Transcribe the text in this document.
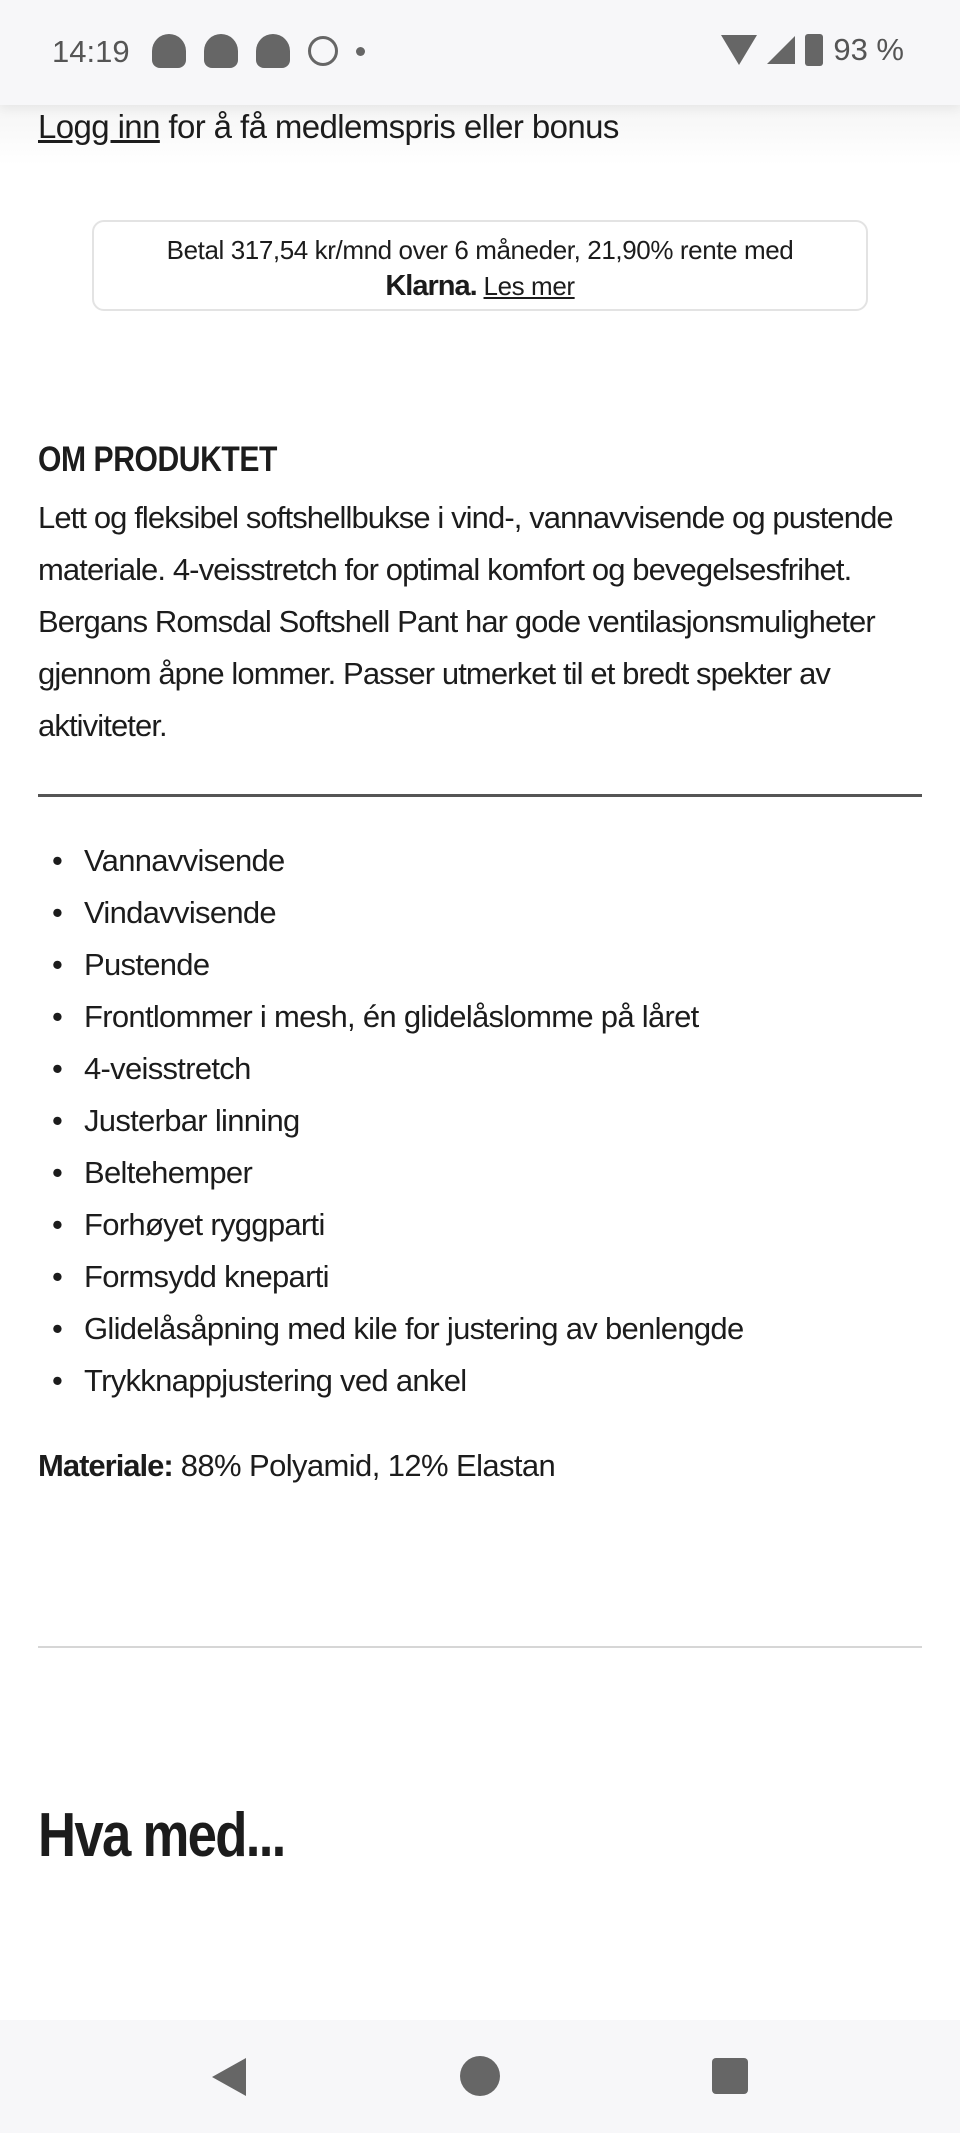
14:19	93 %
Logg inn for å få medlemspris eller bonus
Betal 317,54 kr/mnd over 6 måneder, 21,90% rente med
Klarna. Les mer
OM PRODUKTET

Lett og fleksibel softshellbukse i vind-, vannavvisende og pustende materiale. 4-veisstretch for optimal komfort og bevegelsesfrihet. Bergans Romsdal Softshell Pant har gode ventilasjonsmuligheter gjennom åpne lommer. Passer utmerket til et bredt spekter av aktiviteter.

• Vannavvisende
• Vindavvisende
• Pustende
• Frontlommer i mesh, én glidelåslomme på låret
• 4-veisstretch
• Justerbar linning
• Beltehemper
• Forhøyet ryggparti
• Formsydd kneparti
• Glidelåsåpning med kile for justering av benlengde
• Trykknappjustering ved ankel
Materiale: 88% Polyamid, 12% Elastan
Hva med...
